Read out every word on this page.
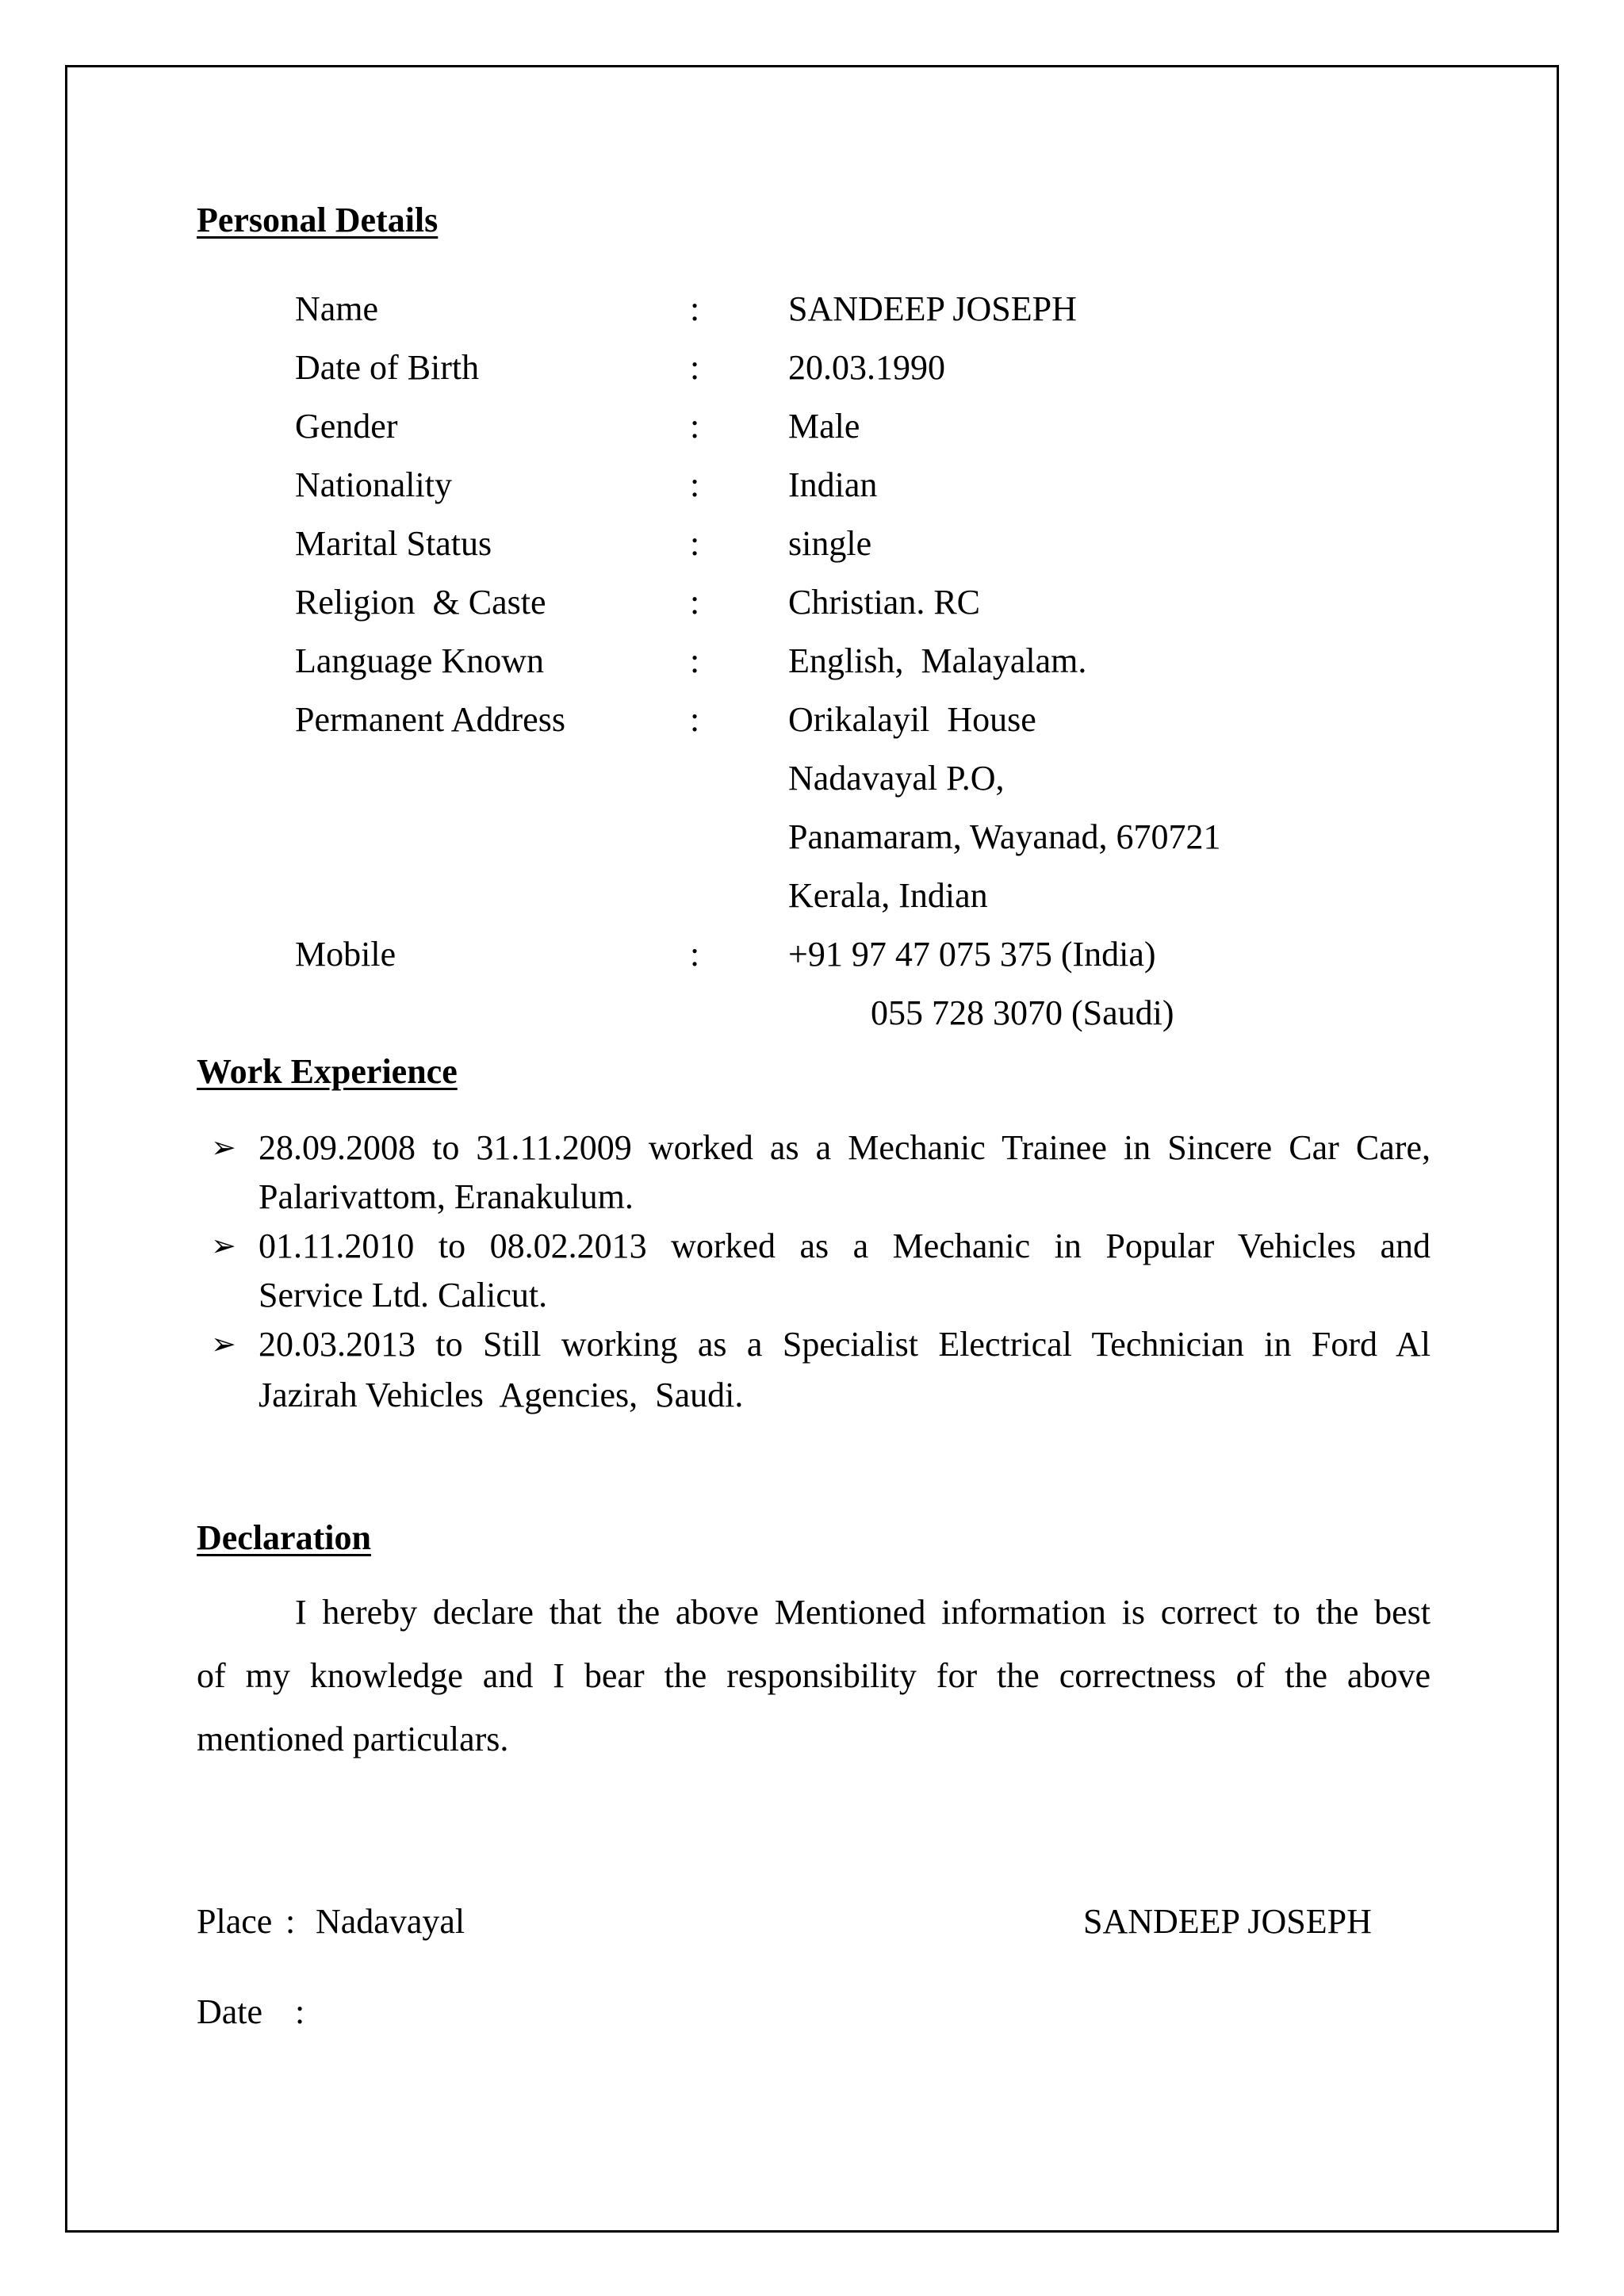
Personal Details
Name	:	SANDEEP JOSEPH
Date of Birth	:	20.03.1990
Gender	:	Male
Nationality	:	Indian
Marital Status	:	single
Religion  & Caste	:	Christian. RC
Language Known	:	English,  Malayalam.
Permanent Address	:	Orikalayil  House
Nadavayal P.O,
Panamaram, Wayanad, 670721
Kerala, Indian
Mobile	:	+91 97 47 075 375 (India)
055 728 3070 (Saudi)
Work Experience
➢ 28.09.2008 to 31.11.2009 worked as a Mechanic Trainee in Sincere Car Care,
Palarivattom, Eranakulum.
➢ 01.11.2010 to 08.02.2013 worked as a Mechanic in Popular Vehicles and
Service Ltd. Calicut.
➢ 20.03.2013 to Still working as a Specialist Electrical Technician in Ford Al
Jazirah Vehicles  Agencies,  Saudi.
Declaration
I hereby declare that the above Mentioned information is correct to the best
of my knowledge and I bear the responsibility for the correctness of the above
mentioned particulars.
Place : Nadavayal	SANDEEP JOSEPH
Date :
